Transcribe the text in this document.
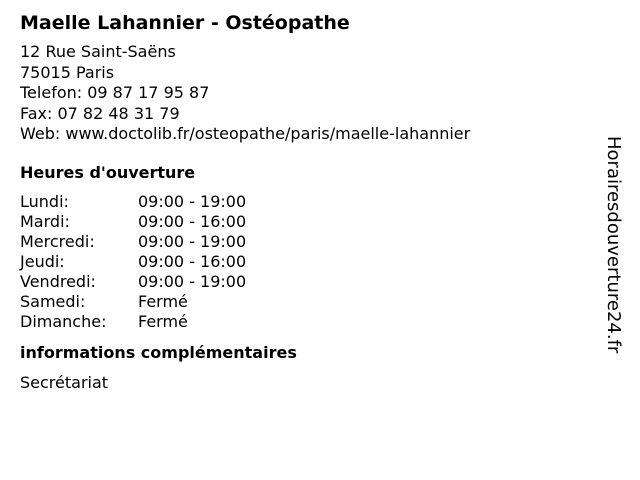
Maelle Lahannier - Ostéopathe
12 Rue Saint-Saëns
75015 Paris
Telefon: 09 87 17 95 87
Fax: 07 82 48 31 79
Web: www.doctolib.fr/osteopathe/paris/maelle-lahannier
Heures d'ouverture
Lundi:	09:00 - 19:00
Mardi:	09:00 - 16:00
Mercredi:	09:00 - 19:00
Jeudi:	09:00 - 16:00
Vendredi:	09:00 - 19:00
Samedi:	Fermé
Dimanche:	Fermé
informations complémentaires
Secrétariat
Horairesdouverture24.fr
